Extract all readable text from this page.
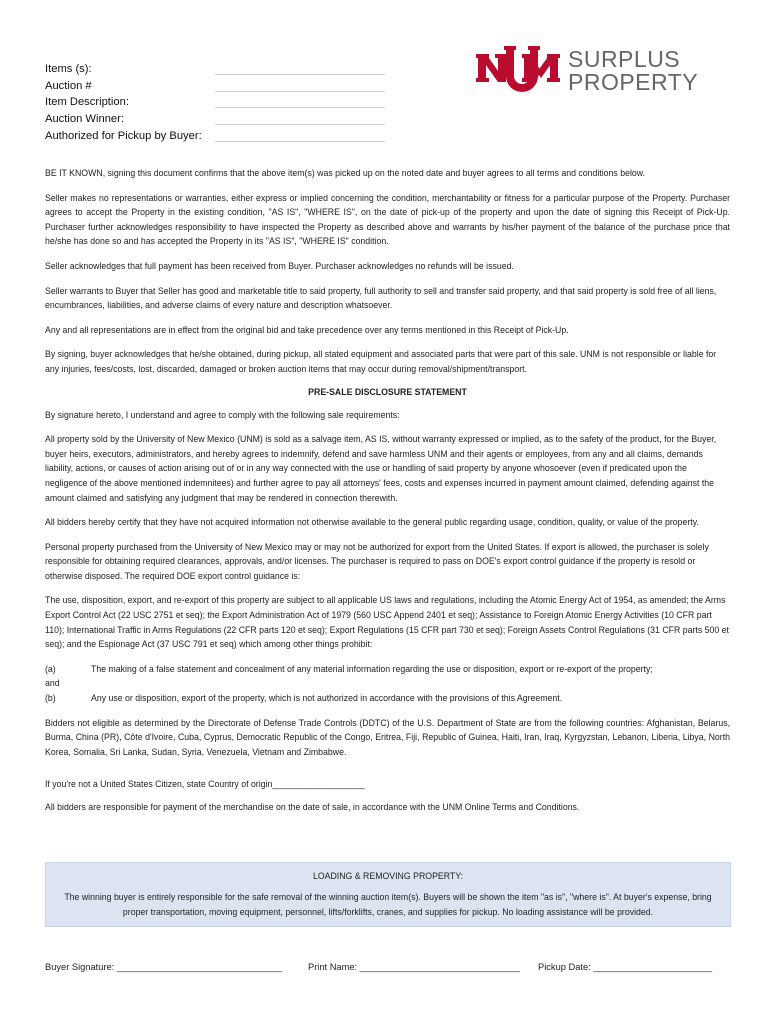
Items (s):
Auction #
Item Description:
Auction Winner:
Authorized for Pickup by Buyer:
SURPLUS
PROPERTY

BE IT KNOWN, signing this document confirms that the above item(s) was picked up on the noted date and buyer agrees to all terms and conditions below.

Seller makes no representations or warranties, either express or implied concerning the condition, merchantability or fitness for a particular purpose of the Property. Purchaser agrees to accept the Property in the existing condition, "AS IS", "WHERE IS", on the date of pick-up of the property and upon the date of signing this Receipt of Pick-Up. Purchaser further acknowledges responsibility to have inspected the Property as described above and warrants by his/her payment of the balance of the purchase price that he/she has done so and has accepted the Property in its "AS IS", "WHERE IS" condition.

Seller acknowledges that full payment has been received from Buyer. Purchaser acknowledges no refunds will be issued.

Seller warrants to Buyer that Seller has good and marketable title to said property, full authority to sell and transfer said property, and that said property is sold free of all liens, encumbrances, liabilities, and adverse claims of every nature and description whatsoever.

Any and all representations are in effect from the original bid and take precedence over any terms mentioned in this Receipt of Pick-Up.

By signing, buyer acknowledges that he/she obtained, during pickup, all stated equipment and associated parts that were part of this sale. UNM is not responsible or liable for any injuries, fees/costs, lost, discarded, damaged or broken auction items that may occur during removal/shipment/transport.

PRE-SALE DISCLOSURE STATEMENT

By signature hereto, I understand and agree to comply with the following sale requirements:

All property sold by the University of New Mexico (UNM) is sold as a salvage item, AS IS, without warranty expressed or implied, as to the safety of the product, for the Buyer, buyer heirs, executors, administrators, and hereby agrees to indemnify, defend and save harmless UNM and their agents or employees, from any and all claims, demands liability, actions, or causes of action arising out of or in any way connected with the use or handling of said property by anyone whosoever (even if predicated upon the negligence of the above mentioned indemnitees) and further agree to pay all attorneys' fees, costs and expenses incurred in payment amount claimed, defending against the amount claimed and satisfying any judgment that may be rendered in connection therewith.

All bidders hereby certify that they have not acquired information not otherwise available to the general public regarding usage, condition, quality, or value of the property.

Personal property purchased from the University of New Mexico may or may not be authorized for export from the United States. If export is allowed, the purchaser is solely responsible for obtaining required clearances, approvals, and/or licenses. The purchaser is required to pass on DOE's export control guidance if the property is resold or otherwise disposed. The required DOE export control guidance is:

The use, disposition, export, and re-export of this property are subject to all applicable US laws and regulations, including the Atomic Energy Act of 1954, as amended; the Arms Export Control Act (22 USC 2751 et seq); the Export Administration Act of 1979 (560 USC Append 2401 et seq); Assistance to Foreign Atomic Energy Activities (10 CFR part 110); International Traffic in Arms Regulations (22 CFR parts 120 et seq); Export Regulations (15 CFR part 730 et seq); Foreign Assets Control Regulations (31 CFR parts 500 et seq); and the Espionage Act (37 USC 791 et seq) which among other things prohibit:

(a)	The making of a false statement and concealment of any material information regarding the use or disposition, export or re-export of the property;
and
(b)	Any use or disposition, export of the property, which is not authorized in accordance with the provisions of this Agreement.

Bidders not eligible as determined by the Directorate of Defense Trade Controls (DDTC) of the U.S. Department of State are from the following countries: Afghanistan, Belarus, Burma, China (PR), Côte d'Ivoire, Cuba, Cyprus, Democratic Republic of the Congo, Eritrea, Fiji, Republic of Guinea, Haiti, Iran, Iraq, Kyrgyzstan, Lebanon, Liberia, Libya, North Korea, Somalia, Sri Lanka, Sudan, Syria, Venezuela, Vietnam and Zimbabwe.

If you're not a United States Citizen, state Country of origin___________________

All bidders are responsible for payment of the merchandise on the date of sale, in accordance with the UNM Online Terms and Conditions.

LOADING & REMOVING PROPERTY:
The winning buyer is entirely responsible for the safe removal of the winning auction item(s). Buyers will be shown the item "as is", "where is". At buyer's expense, bring proper transportation, moving equipment, personnel, lifts/forklifts, cranes, and supplies for pickup. No loading assistance will be provided.
Buyer Signature: ________________________________	Print Name: _______________________________	Pickup Date: _______________________
